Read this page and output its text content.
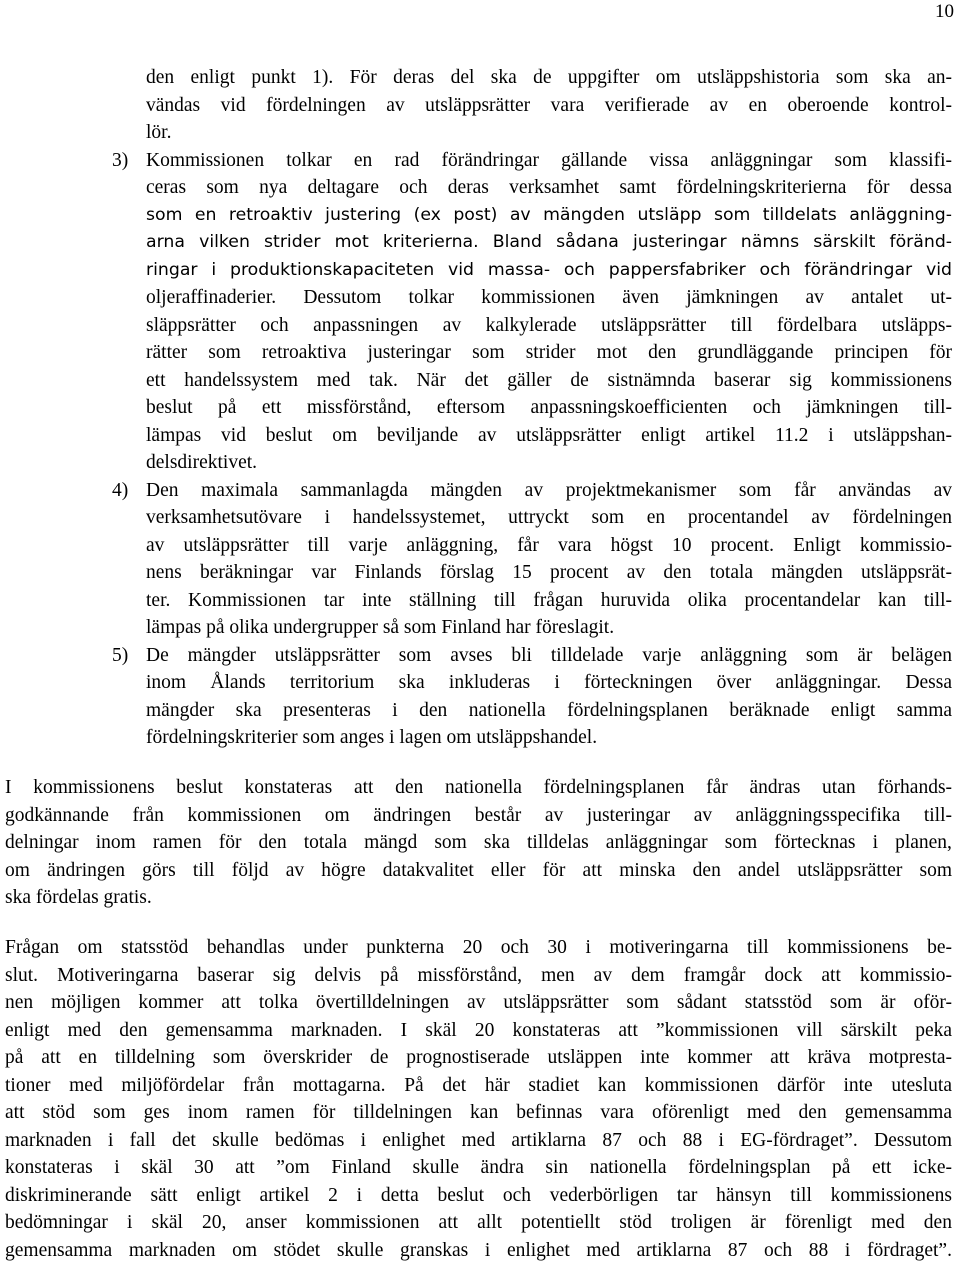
10
den enligt punkt 1). För deras del ska de uppgifter om utsläppshistoria som ska an-
vändas vid fördelningen av utsläppsrätter vara verifierade av en oberoende kontrol-
lör.
3) Kommissionen tolkar en rad förändringar gällande vissa anläggningar som klassifi-
ceras som nya deltagare och deras verksamhet samt fördelningskriterierna för dessa
som en retroaktiv justering (ex post) av mängden utsläpp som tilldelats anläggning-
arna vilken strider mot kriterierna. Bland sådana justeringar nämns särskilt föränd-
ringar i produktionskapaciteten vid massa- och pappersfabriker och förändringar vid
oljeraffinaderier. Dessutom tolkar kommissionen även jämkningen av antalet ut-
släppsrätter och anpassningen av kalkylerade utsläppsrätter till fördelbara utsläpps-
rätter som retroaktiva justeringar som strider mot den grundläggande principen för
ett handelssystem med tak. När det gäller de sistnämnda baserar sig kommissionens
beslut på ett missförstånd, eftersom anpassningskoefficienten och jämkningen till-
lämpas vid beslut om beviljande av utsläppsrätter enligt artikel 11.2 i utsläppshan-
delsdirektivet.
4) Den maximala sammanlagda mängden av projektmekanismer som får användas av
verksamhetsutövare i handelssystemet, uttryckt som en procentandel av fördelningen
av utsläppsrätter till varje anläggning, får vara högst 10 procent. Enligt kommissio-
nens beräkningar var Finlands förslag 15 procent av den totala mängden utsläppsrät-
ter. Kommissionen tar inte ställning till frågan huruvida olika procentandelar kan till-
lämpas på olika undergrupper så som Finland har föreslagit.
5) De mängder utsläppsrätter som avses bli tilldelade varje anläggning som är belägen
inom Ålands territorium ska inkluderas i förteckningen över anläggningar. Dessa
mängder ska presenteras i den nationella fördelningsplanen beräknade enligt samma
fördelningskriterier som anges i lagen om utsläppshandel.
I kommissionens beslut konstateras att den nationella fördelningsplanen får ändras utan förhands-
godkännande från kommissionen om ändringen består av justeringar av anläggningsspecifika till-
delningar inom ramen för den totala mängd som ska tilldelas anläggningar som förtecknas i planen,
om ändringen görs till följd av högre datakvalitet eller för att minska den andel utsläppsrätter som
ska fördelas gratis.
Frågan om statsstöd behandlas under punkterna 20 och 30 i motiveringarna till kommissionens be-
slut. Motiveringarna baserar sig delvis på missförstånd, men av dem framgår dock att kommissio-
nen möjligen kommer att tolka övertilldelningen av utsläppsrätter som sådant statsstöd som är oför-
enligt med den gemensamma marknaden. I skäl 20 konstateras att ”kommissionen vill särskilt peka
på att en tilldelning som överskrider de prognostiserade utsläppen inte kommer att kräva motpresta-
tioner med miljöfördelar från mottagarna. På det här stadiet kan kommissionen därför inte utesluta
att stöd som ges inom ramen för tilldelningen kan befinnas vara oförenligt med den gemensamma
marknaden i fall det skulle bedömas i enlighet med artiklarna 87 och 88 i EG-fördraget”. Dessutom
konstateras i skäl 30 att ”om Finland skulle ändra sin nationella fördelningsplan på ett icke-
diskriminerande sätt enligt artikel 2 i detta beslut och vederbörligen tar hänsyn till kommissionens
bedömningar i skäl 20, anser kommissionen att allt potentiellt stöd troligen är förenligt med den
gemensamma marknaden om stödet skulle granskas i enlighet med artiklarna 87 och 88 i fördraget”.
